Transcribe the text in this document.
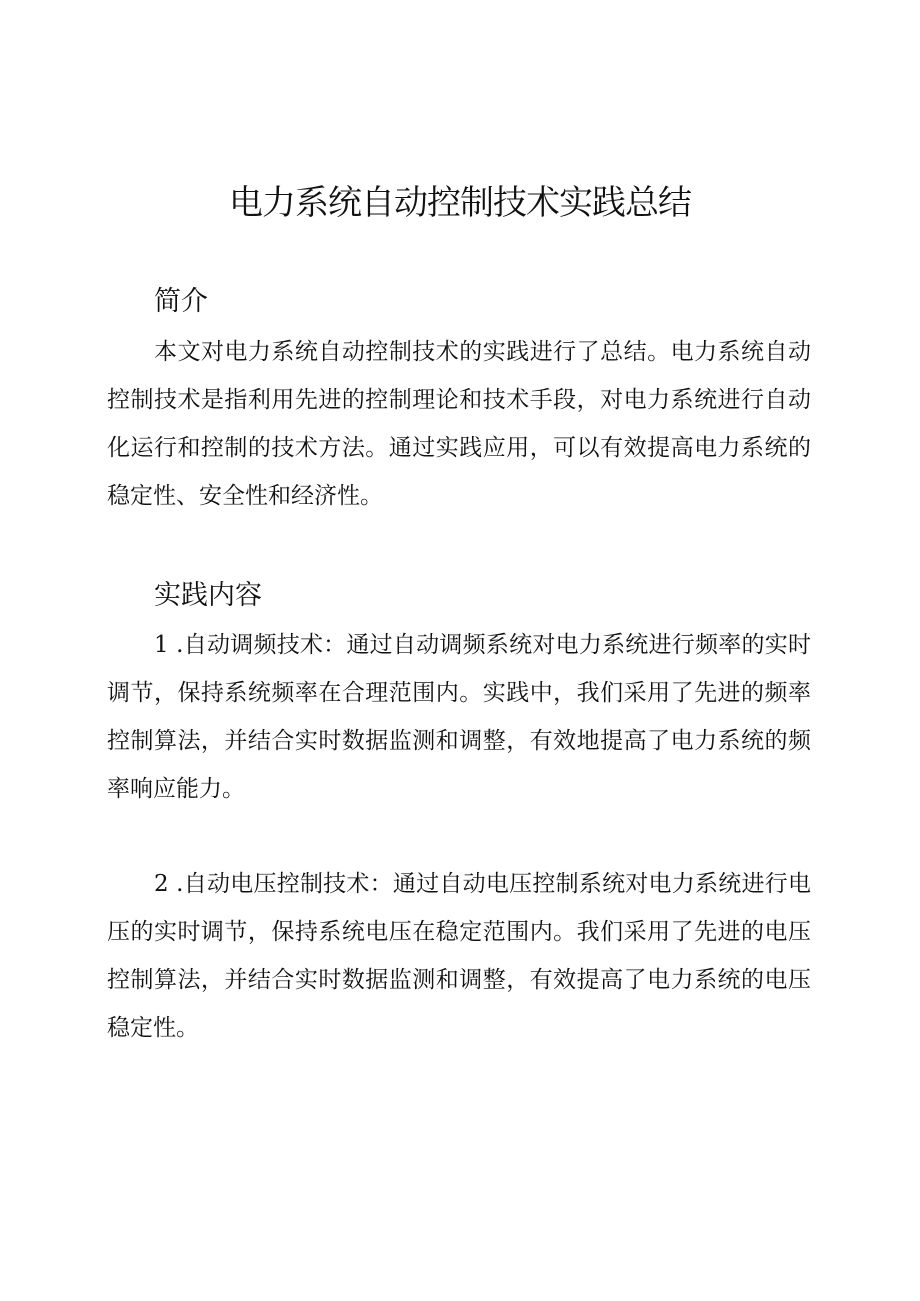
电力系统自动控制技术实践总结
简介

本文对电力系统自动控制技术的实践进行了总结。电力系统自动控制技术是指利用先进的控制理论和技术手段，对电力系统进行自动化运行和控制的技术方法。通过实践应用，可以有效提高电力系统的稳定性、安全性和经济性。

实践内容

1 .自动调频技术：通过自动调频系统对电力系统进行频率的实时调节，保持系统频率在合理范围内。实践中，我们采用了先进的频率控制算法，并结合实时数据监测和调整，有效地提高了电力系统的频率响应能力。

2 .自动电压控制技术：通过自动电压控制系统对电力系统进行电压的实时调节，保持系统电压在稳定范围内。我们采用了先进的电压控制算法，并结合实时数据监测和调整，有效提高了电力系统的电压稳定性。
